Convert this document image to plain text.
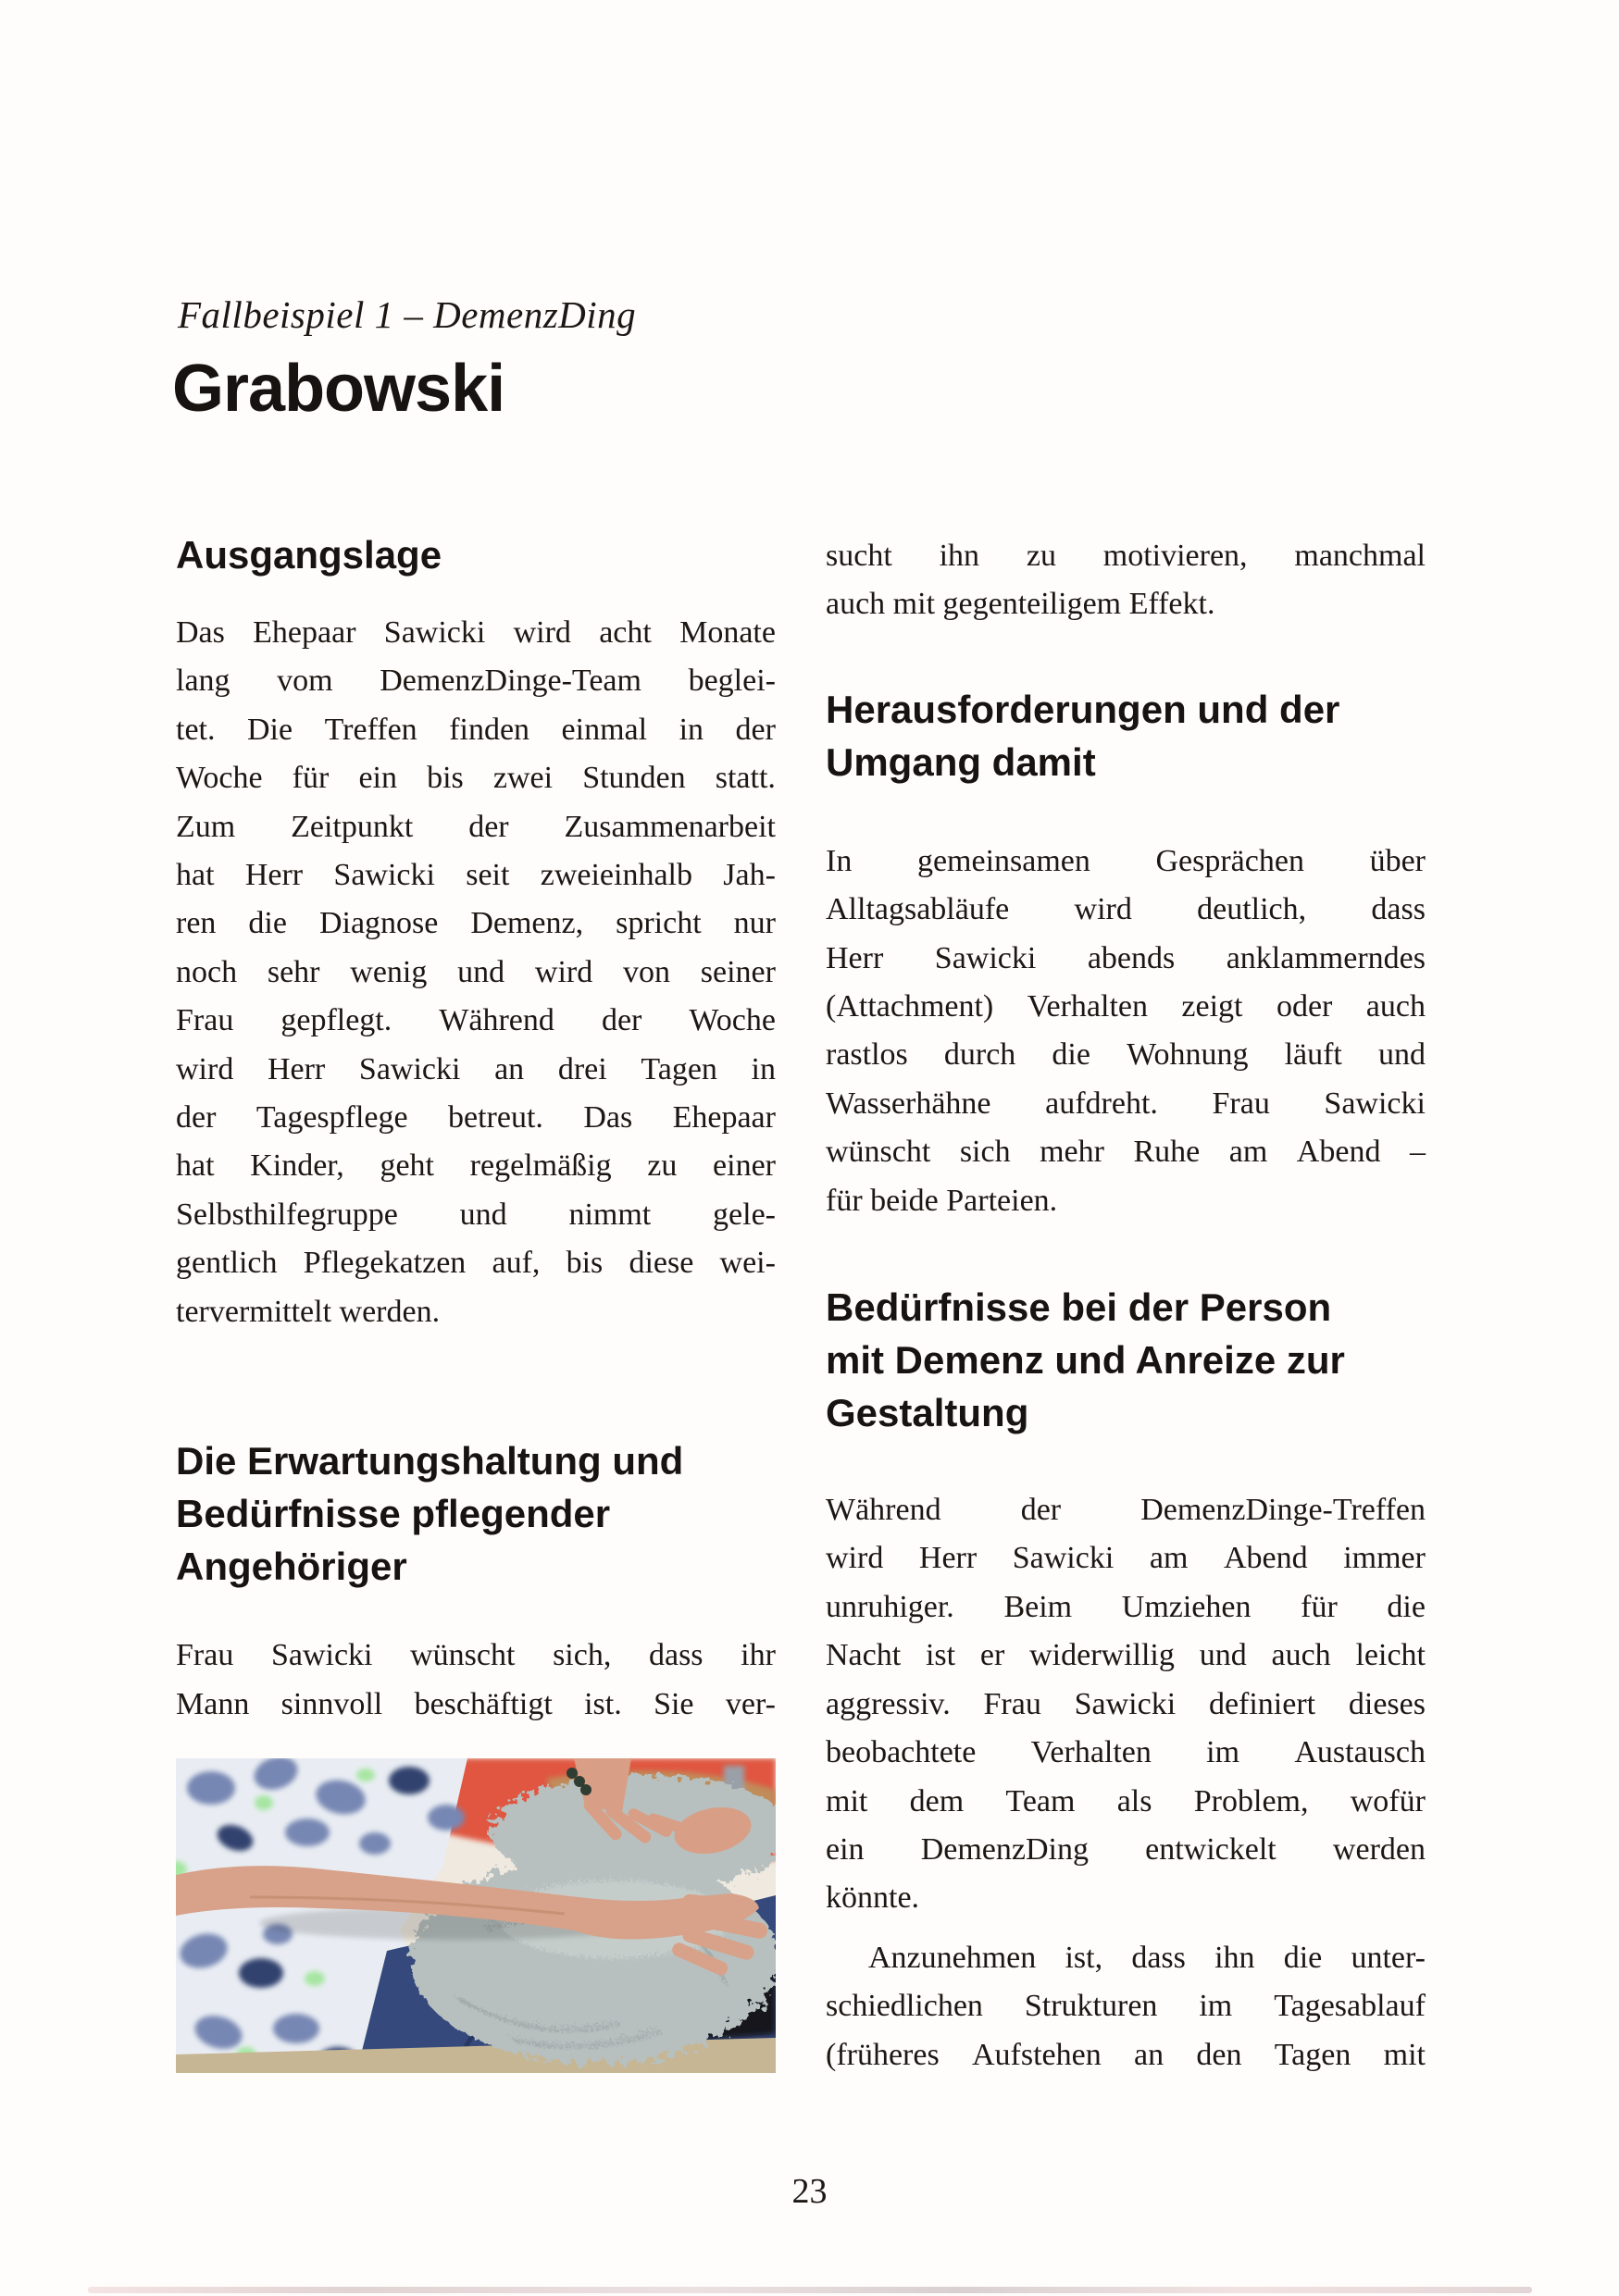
Fallbeispiel 1 – DemenzDing
Grabowski
Ausgangslage
Das Ehepaar Sawicki wird acht Monate
lang vom DemenzDinge-Team beglei-
tet. Die Treffen finden einmal in der
Woche für ein bis zwei Stunden statt.
Zum Zeitpunkt der Zusammenarbeit
hat Herr Sawicki seit zweieinhalb Jah-
ren die Diagnose Demenz, spricht nur
noch sehr wenig und wird von seiner
Frau gepflegt. Während der Woche
wird Herr Sawicki an drei Tagen in
der Tagespflege betreut. Das Ehepaar
hat Kinder, geht regelmäßig zu einer
Selbsthilfegruppe und nimmt gele-
gentlich Pflegekatzen auf, bis diese wei-
tervermittelt werden.
Die Erwartungshaltung und
Bedürfnisse pflegender
Angehöriger
Frau Sawicki wünscht sich, dass ihr
Mann sinnvoll beschäftigt ist. Sie ver-
sucht ihn zu motivieren, manchmal
auch mit gegenteiligem Effekt.
Herausforderungen und der
Umgang damit
In gemeinsamen Gesprächen über
Alltagsabläufe wird deutlich, dass
Herr Sawicki abends anklammerndes
(Attachment) Verhalten zeigt oder auch
rastlos durch die Wohnung läuft und
Wasserhähne aufdreht. Frau Sawicki
wünscht sich mehr Ruhe am Abend –
für beide Parteien.
Bedürfnisse bei der Person
mit Demenz und Anreize zur
Gestaltung
Während	der	DemenzDinge-Treffen
wird Herr Sawicki am Abend immer
unruhiger. Beim Umziehen für die
Nacht ist er widerwillig und auch leicht
aggressiv. Frau Sawicki definiert dieses
beobachtete Verhalten im Austausch
mit dem Team als Problem, wofür
ein DemenzDing entwickelt werden
könnte.
Anzunehmen ist, dass ihn die unter-
schiedlichen Strukturen im Tagesablauf
(früheres Aufstehen an den Tagen mit
23
